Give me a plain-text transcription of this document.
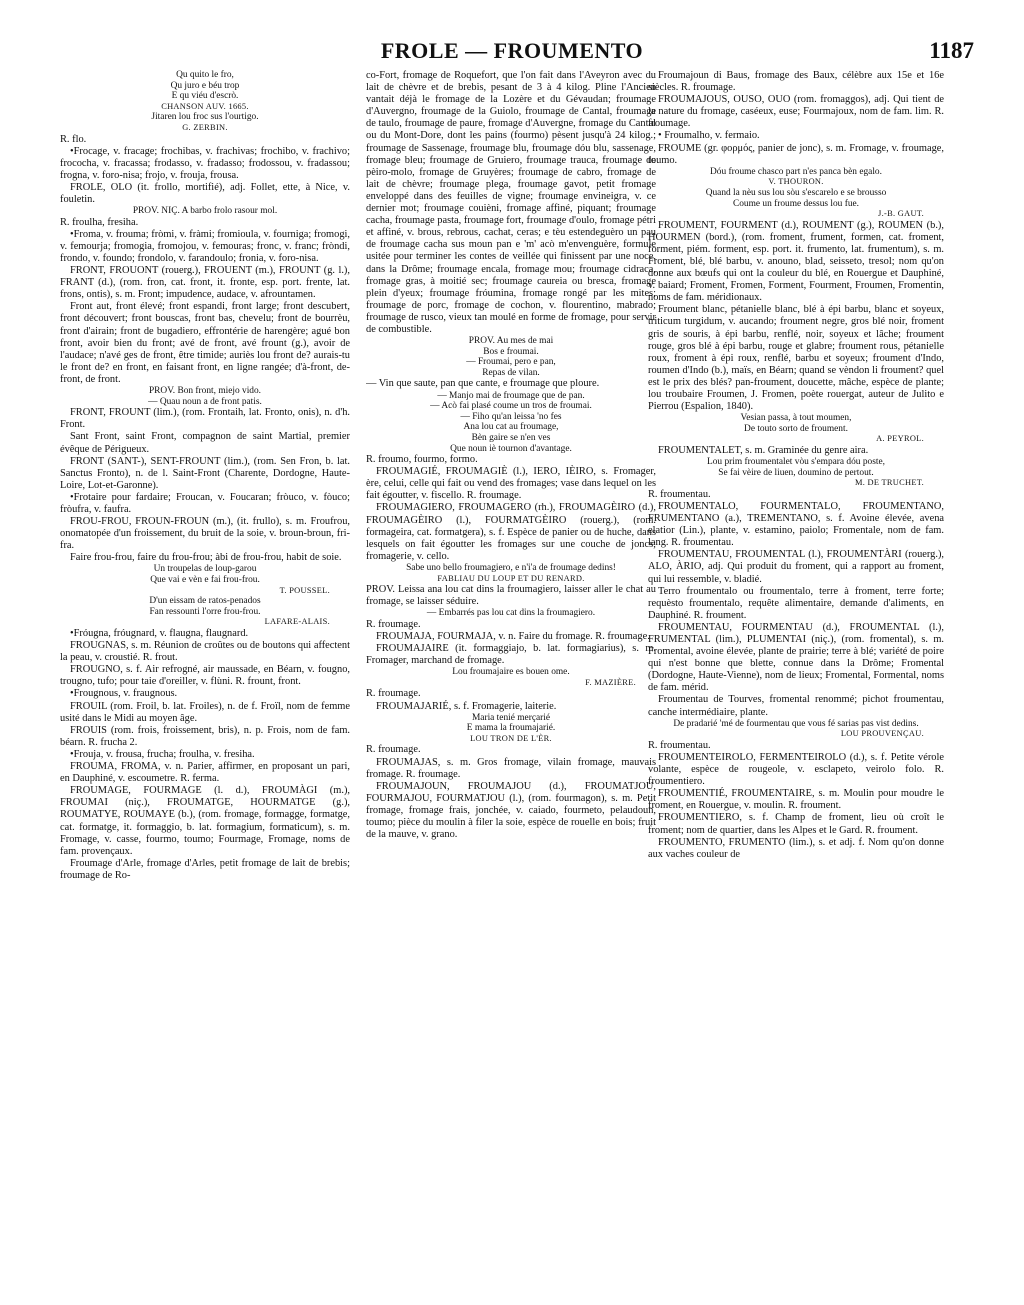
FROLE — FROUMENTO	1187

Qu quito le fro,

Qu juro e béu trop

E qu viéu d'escrò.

CHANSON AUV. 1665.

Jitaren lou froc sus l'ourtigo.

G. ZERBIN.

R. flo.

•Frocage, v. fracage; frochibas, v. frachivas; frochibo, v. frachivo; frococha, v. fracassa; frodasso, v. fradasso; frodossou, v. fradassou; frogna, v. foro-nisa; frojo, v. frouja, frousa.

FROLE, OLO (it. frollo, mortifié), adj. Follet, ette, à Nice, v. fouletin.

PROV. NIÇ. A barbo frolo rasour mol.

R. froulha, fresiha.

•Froma, v. frouma; fròmi, v. fràmi; fromioula, v. fourniga; fromogi, v. femourja; fromogia, fromojou, v. femouras; fronc, v. franc; fròndi, frondo, v. foundo; frondolo, v. farandoulo; fronia, v. foro-nisa.

FRONT, FROUONT (rouerg.), FROUENT (m.), FROUNT (g. l.), FRANT (d.), (rom. fron, cat. front, it. fronte, esp. port. frente, lat. frons, ontis), s. m. Front; impudence, audace, v. afrountamen.

Front aut, front élevé; front espandi, front large; front descubert, front découvert; front bouscas, front bas, chevelu; front de bourrèu, front d'airain; front de bugadiero, effrontérie de harengère; agué bon front, avoir bien du front; avé de front, avé frount (g.), avoir de l'audace; n'avé ges de front, être timide; auriès lou front de? aurais-tu le front de? en front, en faisant front, en ligne rangée; d'à-front, de-front, de front.

PROV. Bon front, miejo vido.

— Quau noun a de front patis.

FRONT, FROUNT (lim.), (rom. Frontaih, lat. Fronto, onis), n. d'h. Front.

Sant Front, saint Front, compagnon de saint Martial, premier évêque de Périgueux.

FRONT (SANT-), SENT-FROUNT (lim.), (rom. Sen Fron, b. lat. Sanctus Fronto), n. de l. Saint-Front (Charente, Dordogne, Haute-Loire, Lot-et-Garonne).

•Frotaire pour fardaire; Froucan, v. Foucaran; fròuco, v. fòuco; fròufra, v. faufra.

FROU-FROU, FROUN-FROUN (m.), (it. frullo), s. m. Froufrou, onomatopée d'un froissement, du bruit de la soie, v. broun-broun, fri-fra.

Faire frou-frou, faire du frou-frou; àbi de frou-frou, habit de soie.

Un troupelas de loup-garou

Que vai e vèn e fai frou-frou.

T. POUSSEL.

D'un eissam de ratos-penados

Fan ressounti l'orre frou-frou.

LAFARE-ALAIS.

•Fróugna, fróugnard, v. flaugna, flaugnard.

FROUGNAS, s. m. Réunion de croûtes ou de boutons qui affectent la peau, v. croustié. R. frout.

FROUGNO, s. f. Air refrogné, air maussade, en Béarn, v. fougno, trougno, tufo; pour taie d'oreiller, v. flùni. R. frount, front.

•Frougnous, v. fraugnous.

FROUIL (rom. Froil, b. lat. Froiles), n. de f. Froïl, nom de femme usité dans le Midi au moyen âge.

FROUIS (rom. frois, froissement, bris), n. p. Frois, nom de fam. béarn. R. frucha 2.

•Frouja, v. frousa, frucha; froulha, v. fresiha.

FROUMA, FROMA, v. n. Parier, affirmer, en proposant un pari, en Dauphiné, v. escoumetre. R. ferma.

FROUMAGE, FOURMAGE (l. d.), FROUMÀGI (m.), FROUMAI (niç.), FROUMATGE, HOURMATGE (g.), ROUMATYE, ROUMAYE (b.), (rom. fromage, formagge, formatge, cat. formatge, it. formaggio, b. lat. formagium, formaticum), s. m. Fromage, v. casse, fourmo, toumo; Fourmage, Fromage, noms de fam. provençaux.

Froumage d'Arle, fromage d'Arles, petit fromage de lait de brebis; froumage de Ro-

co-Fort, fromage de Roquefort, que l'on fait dans l'Aveyron avec du lait de chèvre et de brebis, pesant de 3 à 4 kilog. Pline l'Ancien vantait déjà le fromage de la Lozère et du Gévaudan; froumage d'Auvergno, froumage de la Guiolo, froumage de Cantal, froumage de taulo, froumage de paure, fromage d'Auvergne, fromage du Cantal ou du Mont-Dore, dont les pains (fourmo) pèsent jusqu'à 24 kilog.; froumage de Sassenage, froumage blu, froumage dóu blu, sassenage, fromage bleu; froumage de Gruiero, froumage trauca, froumage de pèiro-molo, fromage de Gruyères; froumage de cabro, fromage de lait de chèvre; froumage plega, froumage gavot, petit fromage enveloppé dans des feuilles de vigne; froumage envineigra, v. ce dernier mot; froumage couièni, fromage affiné, piquant; froumage cacha, froumage pasta, froumage fort, froumage d'oulo, fromage pétri et affiné, v. brous, rebrous, cachat, ceras; e tèu estendeguèro un pau de froumage cacha sus moun pan e 'm' acò m'envenguère, formule usitée pour terminer les contes de veillée qui finissent par une noce, dans la Drôme; froumage encala, fromage mou; froumage cidraca, fromage gras, à moitié sec; froumage caureia ou bresca, fromage plein d'yeux; froumage fróumina, fromage rongé par les mites; froumage de porc, fromage de cochon, v. flourentino, mabrado; froumage de rusco, vieux tan moulé en forme de fromage, pour servir de combustible.

PROV. Au mes de mai

Bos e froumai.

— Froumai, pero e pan,

Repas de vilan.

— Vin que saute, pan que cante, e froumage que ploure.

— Manjo mai de froumage que de pan.

— Acò fai plasé coume un tros de froumai.

— Fiho qu'an leissa 'no fes

Ana lou cat au froumage,

Bèn gaire se n'en ves

Que noun iè tournon d'avantage.

R. froumo, fourmo, formo.

FROUMAGIÉ, FROUMAGIÈ (l.), IERO, IÈIRO, s. Fromager, ère, celui, celle qui fait ou vend des fromages; vase dans lequel on les fait égoutter, v. fiscello. R. froumage.

FROUMAGIERO, FROUMAGERO (rh.), FROUMAGÈIRO (d.), FROUMAGÈIRO (l.), FOURMATGÈIRO (rouerg.), (rom. formageira, cat. formatgera), s. f. Espèce de panier ou de huche, dans lesquels on fait égoutter les fromages sur une couche de joncs; fromagerie, v. cello.

Sabe uno bello froumagiero, e n'i'a de froumage dedins!

FABLIAU DU LOUP ET DU RENARD.

PROV. Leissa ana lou cat dins la froumagiero, laisser aller le chat au fromage, se laisser séduire.

— Embarrés pas lou cat dins la froumagiero.

R. froumage.

FROUMAJA, FOURMAJA, v. n. Faire du fromage. R. froumage.

FROUMAJAIRE (it. formaggiajo, b. lat. formagiarius), s. m. Fromager, marchand de fromage.

Lou froumajaire es bouen ome.

F. MAZIÈRE.

R. froumage.

FROUMAJARIÉ, s. f. Fromagerie, laiterie.

Maria tenié merçarié

E mama la froumajarié.

LOU TRON DE L'ÈR.

R. froumage.

FROUMAJAS, s. m. Gros fromage, vilain fromage, mauvais fromage. R. froumage.

FROUMAJOUN, FROUMAJOU (d.), FROUMATJOU, FOURMAJOU, FOURMATJOU (l.), (rom. fourmagon), s. m. Petit fromage, fromage frais, jonchée, v. caiado, fourmeto, pelaudoun, toumo; pièce du moulin à filer la soie, espèce de rouelle en bois; fruit de la mauve, v. grano.

Froumajoun di Baus, fromage des Baux, célèbre aux 15e et 16e siècles. R. froumage.

FROUMAJOUS, OUSO, OUO (rom. fromaggos), adj. Qui tient de la nature du fromage, caséeux, euse; Fourmajoux, nom de fam. lim. R. froumage.

• Froumalho, v. fermaio.

FROUME (gr. φορμός, panier de jonc), s. m. Fromage, v. froumage, toumo.

Dóu froume chasco part n'es panca bèn egalo.

V. THOURON.

Quand la nèu sus lou sòu s'escarelo e se brousso

Coume un froume dessus lou fue.

J.-B. GAUT.

FROUMENT, FOURMENT (d.), ROUMENT (g.), ROUMEN (b.), HOURMEN (bord.), (rom. froment, frument, formen, cat. froment, forment, piém. forment, esp. port. it. frumento, lat. frumentum), s. m. Froment, blé, blé barbu, v. anouno, blad, seisseto, tresol; nom qu'on donne aux bœufs qui ont la couleur du blé, en Rouergue et Dauphiné, v. baiard; Froment, Fromen, Forment, Fourment, Froumen, Fromentin, noms de fam. méridionaux.

Froument blanc, pétanielle blanc, blé à épi barbu, blanc et soyeux, triticum turgidum, v. aucando; froument negre, gros blé noir, froment gris de souris, à épi barbu, renflé, noir, soyeux et lâche; froument rouge, gros blé à épi barbu, rouge et glabre; froument rous, pétanielle roux, froment à épi roux, renflé, barbu et soyeux; froument d'Indo, roumen d'Indo (b.), maïs, en Béarn; quand se vèndon li froument? quel est le prix des blés? pan-froument, doucette, mâche, espèce de plante; lou troubaire Froumen, J. Fromen, poète rouergat, auteur de Julito e Pierrou (Espalion, 1840).

Vesian passa, à tout moumen,

De touto sorto de froument.

A. PEYROL.

FROUMENTALET, s. m. Graminée du genre aira.

Lou prim froumentalet vòu s'empara dóu poste,

Se fai vèire de liuen, doumino de pertout.

M. DE TRUCHET.

R. froumentau.

FROUMENTALO, FOURMENTALO, FROUMENTANO, FRUMENTANO (a.), TREMENTANO, s. f. Avoine élevée, avena elatior (Lin.), plante, v. estamino, paiolo; Fromentale, nom de fam. lang. R. froumentau.

FROUMENTAU, FROUMENTAL (l.), FROUMENTÀRI (rouerg.), ALO, ÀRIO, adj. Qui produit du froment, qui a rapport au froment, qui lui ressemble, v. bladié.

Terro froumentalo ou froumentalo, terre à froment, terre forte; requèsto froumentalo, requête alimentaire, demande d'aliments, en Dauphiné. R. froument.

FROUMENTAU, FOURMENTAU (d.), FROUMENTAL (l.), FRUMENTAL (lim.), PLUMENTAI (niç.), (rom. fromental), s. m. Fromental, avoine élevée, plante de prairie; terre à blé; variété de poire qui n'est bonne que blette, connue dans la Drôme; Fromental (Dordogne, Haute-Vienne), nom de lieux; Fromental, Formental, noms de fam. mérid.

Froumentau de Tourves, fromental renommé; pichot froumentau, canche intermédiaire, plante.

De pradarié 'mé de fourmentau que vous fé sarias pas vist dedins.

LOU PROUVENÇAU.

R. froumentau.

FROUMENTEIROLO, FERMENTEIROLO (d.), s. f. Petite vérole volante, espèce de rougeole, v. esclapeto, veirolo folo. R. froumentiero.

FROUMENTIÉ, FROUMENTAIRE, s. m. Moulin pour moudre le froment, en Rouergue, v. moulin. R. froument.

FROUMENTIERO, s. f. Champ de froment, lieu où croît le froment; nom de quartier, dans les Alpes et le Gard. R. froument.

FROUMENTO, FRUMENTO (lim.), s. et adj. f. Nom qu'on donne aux vaches couleur de
